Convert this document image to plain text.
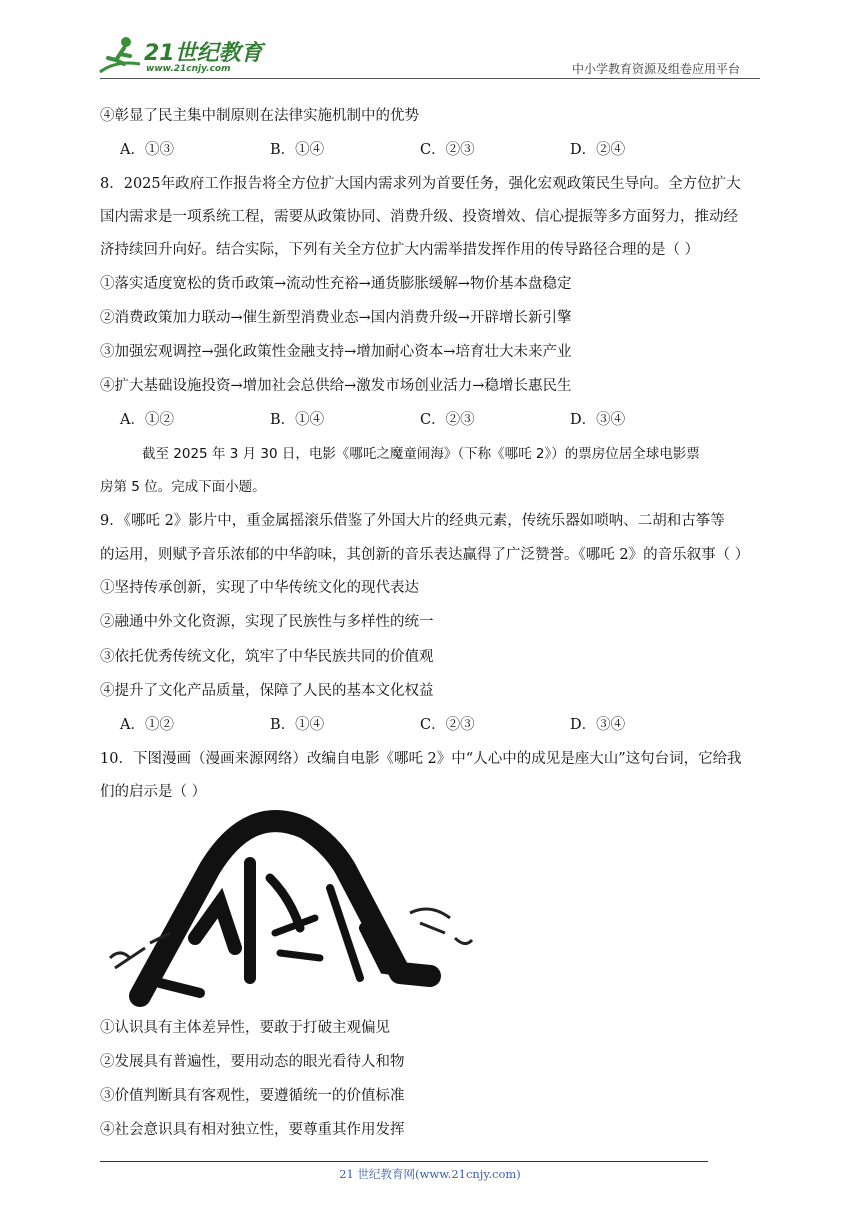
21世纪教育
www.21cnjy.com	中小学教育资源及组卷应用平台
④彰显了民主集中制原则在法律实施机制中的优势
A．①③	B．①④	C．②③	D．②④
8．2025年政府工作报告将全方位扩大国内需求列为首要任务，强化宏观政策民生导向。全方位扩大
国内需求是一项系统工程，需要从政策协同、消费升级、投资增效、信心提振等多方面努力，推动经
济持续回升向好。结合实际，下列有关全方位扩大内需举措发挥作用的传导路径合理的是（ ）
①落实适度宽松的货币政策→流动性充裕→通货膨胀缓解→物价基本盘稳定
②消费政策加力联动→催生新型消费业态→国内消费升级→开辟增长新引擎
③加强宏观调控→强化政策性金融支持→增加耐心资本→培育壮大未来产业
④扩大基础设施投资→增加社会总供给→激发市场创业活力→稳增长惠民生
A．①②	B．①④	C．②③	D．③④
截至 2025 年 3 月 30 日，电影《哪吒之魔童闹海》（下称《哪吒 2》）的票房位居全球电影票
房第 5 位。完成下面小题。
9．《哪吒 2》影片中，重金属摇滚乐借鉴了外国大片的经典元素，传统乐器如唢呐、二胡和古筝等
的运用，则赋予音乐浓郁的中华韵味，其创新的音乐表达赢得了广泛赞誉。《哪吒 2》的音乐叙事（ ）
①坚持传承创新，实现了中华传统文化的现代表达
②融通中外文化资源，实现了民族性与多样性的统一
③依托优秀传统文化，筑牢了中华民族共同的价值观
④提升了文化产品质量，保障了人民的基本文化权益
A．①②	B．①④	C．②③	D．③④
10．下图漫画（漫画来源网络）改编自电影《哪吒 2》中“人心中的成见是座大山”这句台词，它给我
们的启示是（ ）
①认识具有主体差异性，要敢于打破主观偏见
②发展具有普遍性，要用动态的眼光看待人和物
③价值判断具有客观性，要遵循统一的价值标准
④社会意识具有相对独立性，要尊重其作用发挥
21 世纪教育网(www.21cnjy.com)
